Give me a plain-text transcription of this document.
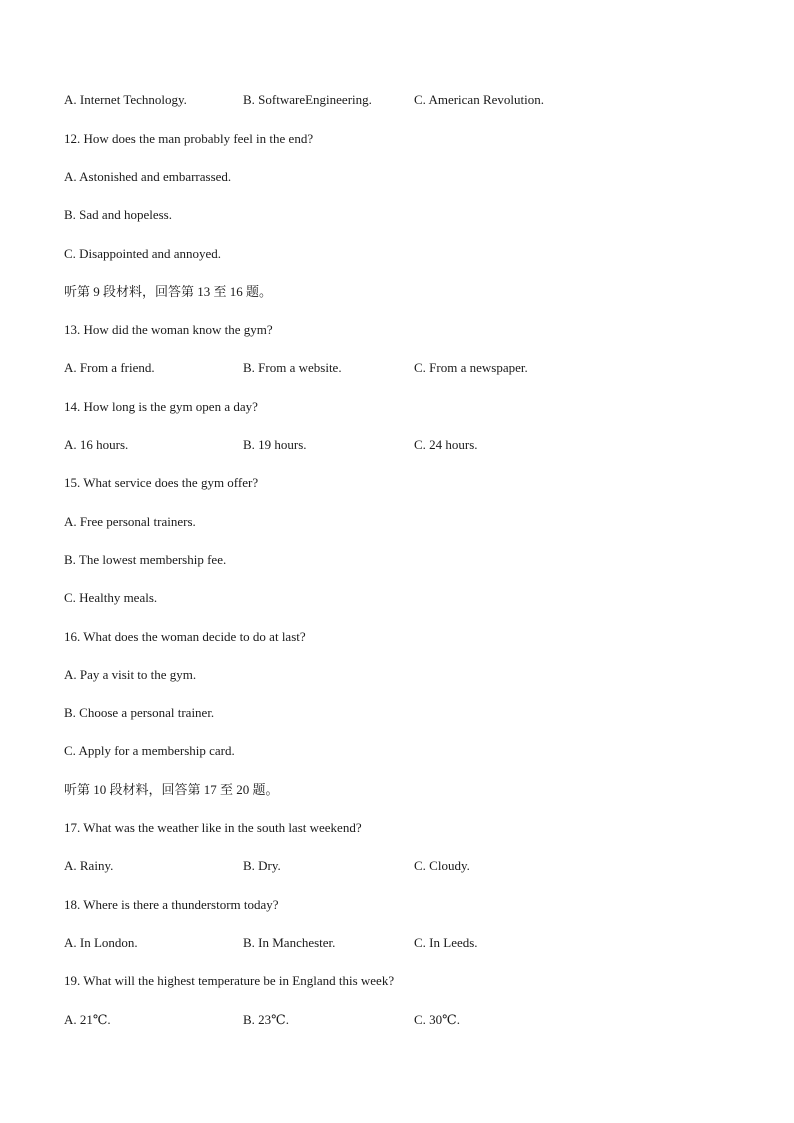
A. Internet Technology.	B. SoftwareEngineering.	C. American Revolution.
12. How does the man probably feel in the end?
A. Astonished and embarrassed.
B. Sad and hopeless.
C. Disappointed and annoyed.
听第 9 段材料，回答第 13 至 16 题。
13. How did the woman know the gym?
A. From a friend.	B. From a website.	C. From a newspaper.
14. How long is the gym open a day?
A. 16 hours.	B. 19 hours.	C. 24 hours.
15. What service does the gym offer?
A. Free personal trainers.
B. The lowest membership fee.
C. Healthy meals.
16. What does the woman decide to do at last?
A. Pay a visit to the gym.
B. Choose a personal trainer.
C. Apply for a membership card.
听第 10 段材料，回答第 17 至 20 题。
17. What was the weather like in the south last weekend?
A. Rainy.	B. Dry.	C. Cloudy.
18. Where is there a thunderstorm today?
A. In London.	B. In Manchester.	C. In Leeds.
19. What will the highest temperature be in England this week?
A. 21℃.	B. 23℃.	C. 30℃.
